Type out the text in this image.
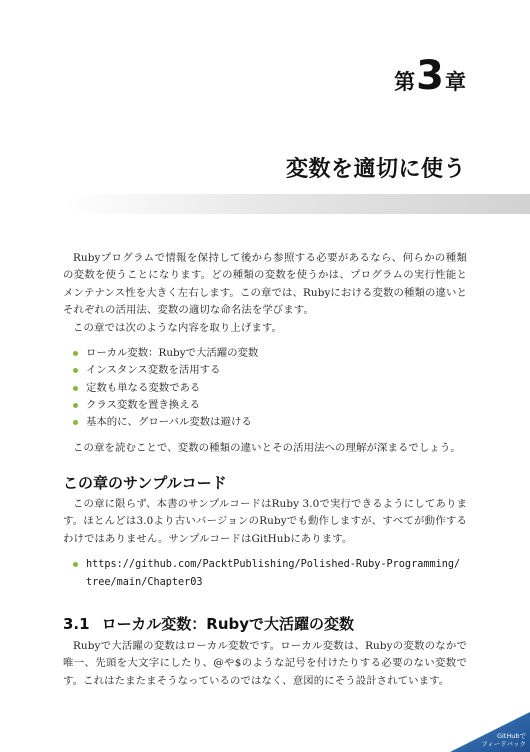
第 3 章
変数を適切に使う

Rubyプログラムで情報を保持して後から参照する必要があるなら、何らかの種類の変数を使うことになります。どの種類の変数を使うかは、プログラムの実行性能とメンテナンス性を大きく左右します。この章では、Rubyにおける変数の種類の違いとそれぞれの活用法、変数の適切な命名法を学びます。

この章では次のような内容を取り上げます。

ローカル変数：Rubyで大活躍の変数
インスタンス変数を活用する
定数も単なる変数である
クラス変数を置き換える
基本的に、グローバル変数は避ける

この章を読むことで、変数の種類の違いとその活用法への理解が深まるでしょう。

この章のサンプルコード

この章に限らず、本書のサンプルコードはRuby 3.0で実行できるようにしてあります。ほとんどは3.0より古いバージョンのRubyでも動作しますが、すべてが動作するわけではありません。サンプルコードはGitHubにあります。

https://github.com/PacktPublishing/Polished-Ruby-Programming/
tree/main/Chapter03
3.1 ローカル変数：Rubyで大活躍の変数

Rubyで大活躍の変数はローカル変数です。ローカル変数は、Rubyの変数のなかで唯一、先頭を大文字にしたり、@や$のような記号を付けたりする必要のない変数です。これはたまたまそうなっているのではなく、意図的にそう設計されています。

GitHubで
フィードバック
